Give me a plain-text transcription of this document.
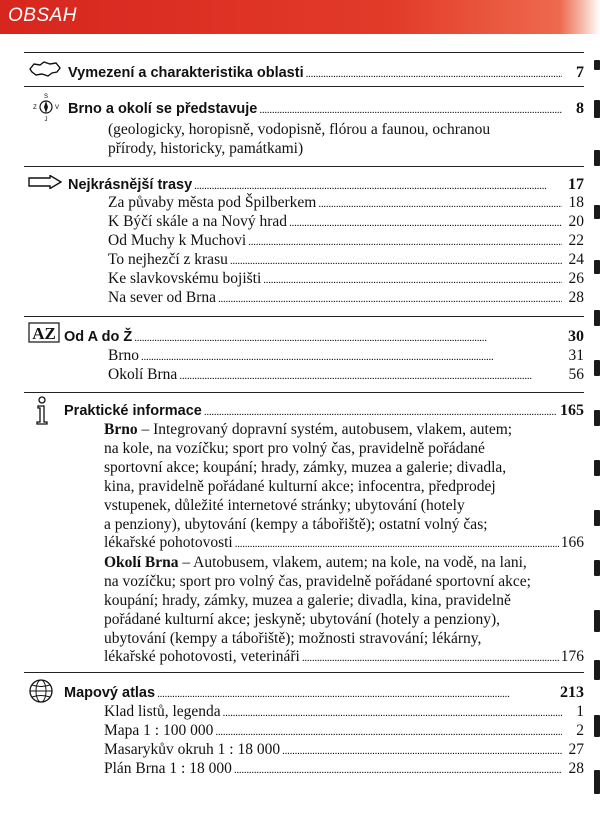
OBSAH
Vymezení a charakteristika oblasti . . .	7
S
J
Z	V Brno a okolí se představuje . . .	8
(geologicky, horopisně, vodopisně, flórou a faunou, ochranou
přírody, historicky, památkami)
Nejkrásnější trasy . . .	17
Za půvaby města pod Špilberkem . . .	18
K Býčí skále a na Nový hrad . . .	20
Od Muchy k Muchovi . . .	22
To nejhezčí z krasu . . .	24
Ke slavkovskému bojišti . . .	26
Na sever od Brna . . .	28
AZ Od A do Ž . . .	30
Brno . . .	31
Okolí Brna . . .	56
Praktické informace . . .	165
Brno – Integrovaný dopravní systém, autobusem, vlakem, autem;
na kole, na vozíčku; sport pro volný čas, pravidelně pořádané
sportovní akce; koupání; hrady, zámky, muzea a galerie; divadla,
kina, pravidelně pořádané kulturní akce; infocentra, předprodej
vstupenek, důležité internetové stránky; ubytování (hotely
a penziony), ubytování (kempy a tábořiště); ostatní volný čas;
lékařské pohotovosti . . .	166
Okolí Brna – Autobusem, vlakem, autem; na kole, na vodě, na lani,
na vozíčku; sport pro volný čas, pravidelně pořádané sportovní akce;
koupání; hrady, zámky, muzea a galerie; divadla, kina, pravidelně
pořádané kulturní akce; jeskyně; ubytování (hotely a penziony),
ubytování (kempy a tábořiště); možnosti stravování; lékárny,
lékařské pohotovosti, veterináři . . .	176
Mapový atlas . . .	213
Klad listů, legenda . . .	1
Mapa 1 : 100 000 . . .	2
Masarykův okruh 1 : 18 000 . . .	27
Plán Brna 1 : 18 000 . . .	28
